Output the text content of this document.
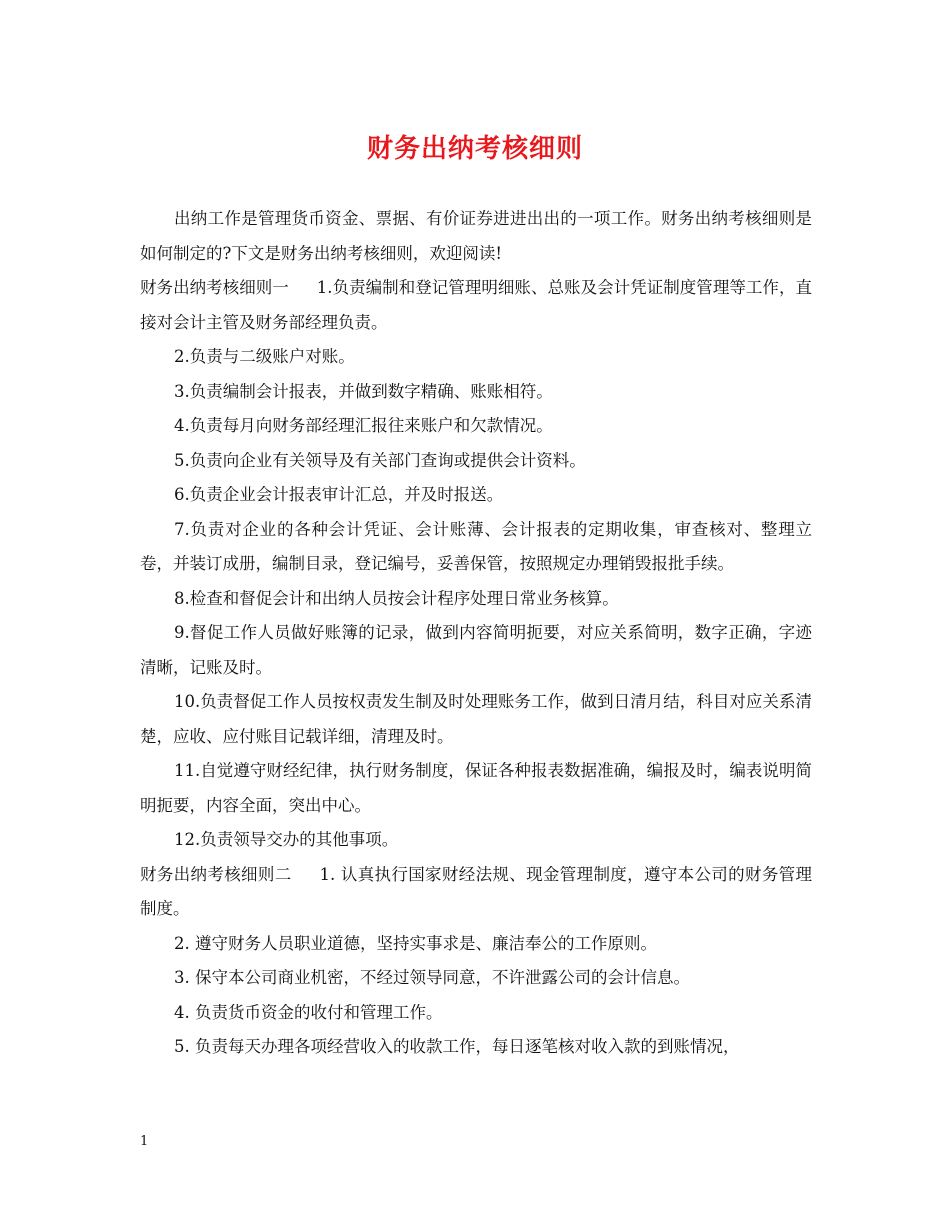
财务出纳考核细则

出纳工作是管理货币资金、票据、有价证券进进出出的一项工作。财务出纳考核细则是如何制定的?下文是财务出纳考核细则，欢迎阅读!

财务出纳考核细则一 1.负责编制和登记管理明细账、总账及会计凭证制度管理等工作，直接对会计主管及财务部经理负责。

2.负责与二级账户对账。

3.负责编制会计报表，并做到数字精确、账账相符。

4.负责每月向财务部经理汇报往来账户和欠款情况。

5.负责向企业有关领导及有关部门查询或提供会计资料。

6.负责企业会计报表审计汇总，并及时报送。

7.负责对企业的各种会计凭证、会计账薄、会计报表的定期收集，审查核对、整理立卷，并装订成册，编制目录，登记编号，妥善保管，按照规定办理销毁报批手续。

8.检查和督促会计和出纳人员按会计程序处理日常业务核算。

9.督促工作人员做好账簿的记录，做到内容简明扼要，对应关系简明，数字正确，字迹清晰，记账及时。

10.负责督促工作人员按权责发生制及时处理账务工作，做到日清月结，科目对应关系清楚，应收、应付账目记载详细，清理及时。

11.自觉遵守财经纪律，执行财务制度，保证各种报表数据准确，编报及时，编表说明简明扼要，内容全面，突出中心。

12.负责领导交办的其他事项。

财务出纳考核细则二 1. 认真执行国家财经法规、现金管理制度，遵守本公司的财务管理制度。

2. 遵守财务人员职业道德，坚持实事求是、廉洁奉公的工作原则。

3. 保守本公司商业机密，不经过领导同意，不许泄露公司的会计信息。

4. 负责货币资金的收付和管理工作。

5. 负责每天办理各项经营收入的收款工作，每日逐笔核对收入款的到账情况，

1
